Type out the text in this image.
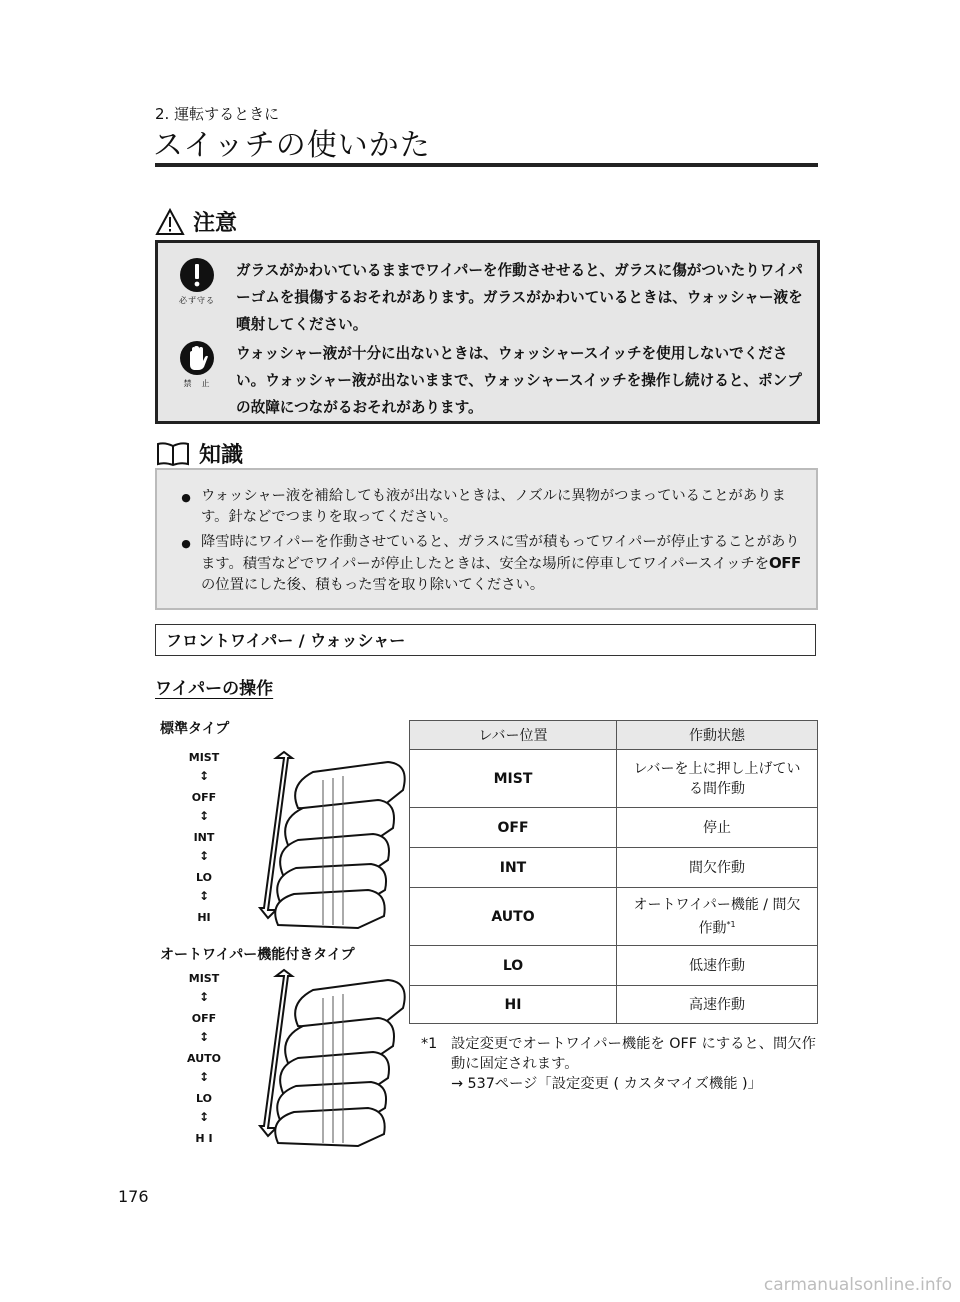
2. 運転するときに
スイッチの使いかた
注意
必ず守る
ガラスがかわいているままでワイパーを作動させせると、ガラスに傷がついたりワイパーゴムを損傷するおそれがあります。ガラスがかわいているときは、ウォッシャー液を噴射してください。
禁　止
ウォッシャー液が十分に出ないときは、ウォッシャースイッチを使用しないでください。ウォッシャー液が出ないままで、ウォッシャースイッチを操作し続けると、ポンプの故障につながるおそれがあります。
知識
● ウォッシャー液を補給しても液が出ないときは、ノズルに異物がつまっていることがあります。針などでつまりを取ってください。
● 降雪時にワイパーを作動させていると、ガラスに雪が積もってワイパーが停止することがあります。積雪などでワイパーが停止したときは、安全な場所に停車してワイパースイッチをOFFの位置にした後、積もった雪を取り除いてください。
フロントワイパー / ウォッシャー
ワイパーの操作
標準タイプ
MIST
↕
OFF
↕
INT
↕
LO
↕
HI
オートワイパー機能付きタイプ
MIST
↕
OFF
↕
AUTO
↕
LO
↕
H I
レバー位置	作動状態
MIST	レバーを上に押し上げている間作動

OFF	停止
INT	間欠作動
AUTO	オートワイパー機能 / 間欠作動$^{*1}$

LO	低速作動
HI	高速作動
*1 設定変更でオートワイパー機能を OFF にすると、間欠作動に固定されます。
→ 537ページ「設定変更 ( カスタマイズ機能 )」
176
carmanualsonline.info
